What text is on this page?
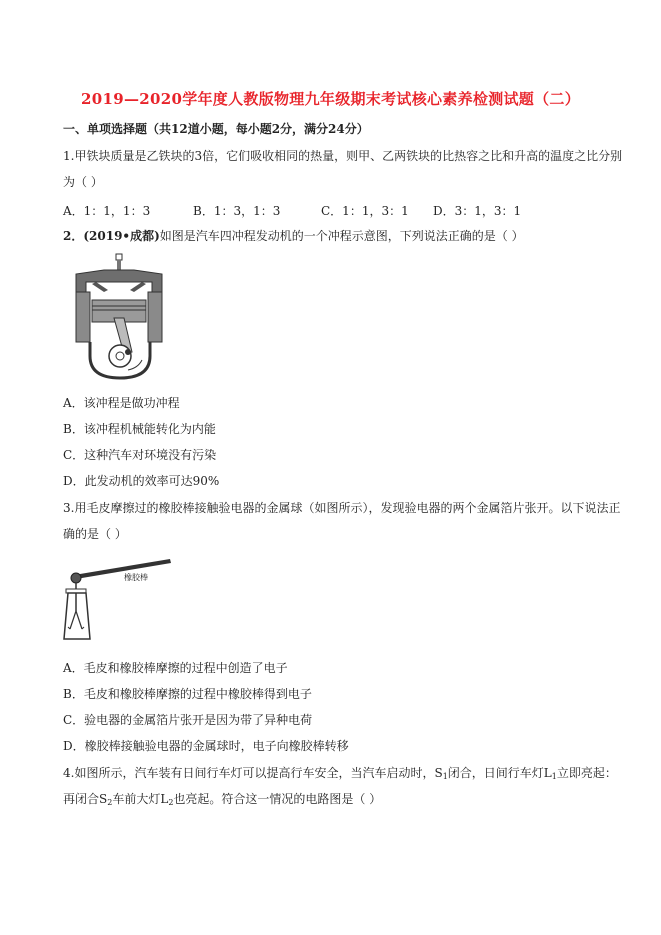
2019—2020学年度人教版物理九年级期末考试核心素养检测试题（二）
一、单项选择题（共12道小题，每小题2分，满分24分）
1.甲铁块质量是乙铁块的3倍，它们吸收相同的热量，则甲、乙两铁块的比热容之比和升高的温度之比分别
为（ ）
A．1：1，1：3	B．1：3，1：3	C．1：1，3：1 D．3：1，3：1
2．(2019•成都)如图是汽车四冲程发动机的一个冲程示意图，下列说法正确的是（ ）
A．该冲程是做功冲程
B．该冲程机械能转化为内能
C．这种汽车对环境没有污染
D．此发动机的效率可达90%
3.用毛皮摩擦过的橡胶棒接触验电器的金属球（如图所示），发现验电器的两个金属箔片张开。以下说法正
确的是（ ）
橡胶棒
A．毛皮和橡胶棒摩擦的过程中创造了电子
B．毛皮和橡胶棒摩擦的过程中橡胶棒得到电子
C．验电器的金属箔片张开是因为带了异种电荷
D．橡胶棒接触验电器的金属球时，电子向橡胶棒转移
4.如图所示，汽车装有日间行车灯可以提高行车安全，当汽车启动时，$S_1$闭合，日间行车灯$L_1$立即亮起：
再闭合$S_2$车前大灯$L_2$也亮起。符合这一情况的电路图是（ ）
